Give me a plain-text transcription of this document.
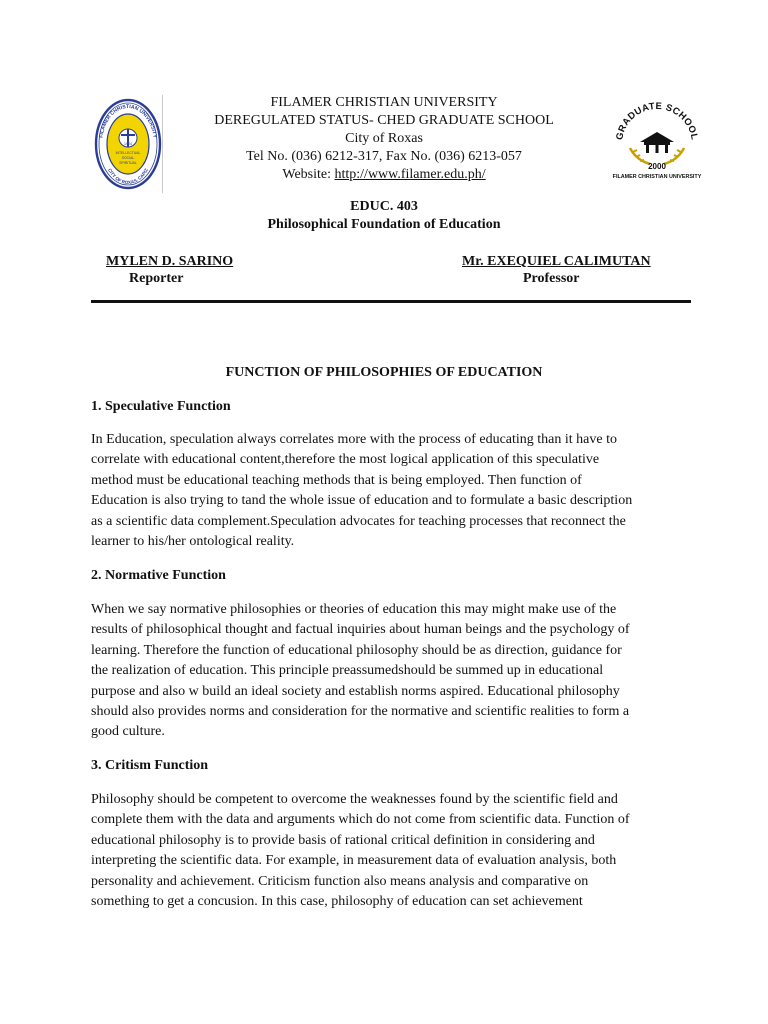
FILAMER CHRISTIAN UNIVERSITY
CITY OF ROXAS, CAPIZ
1904
INTELLECTUAL
SOCIAL
SPIRITUAL
FILAMER CHRISTIAN UNIVERSITY
DEREGULATED STATUS- CHED GRADUATE SCHOOL
City of Roxas
Tel No. (036) 6212-317, Fax No. (036) 6213-057
Website: http://www.filamer.edu.ph/
GRADUATE SCHOOL
2000
FILAMER CHRISTIAN UNIVERSITY
EDUC. 403
Philosophical Foundation of Education
MYLEN D. SARINO
Reporter
Mr. EXEQUIEL CALIMUTAN
Professor
FUNCTION OF PHILOSOPHIES OF EDUCATION
1. Speculative Function
In Education, speculation always correlates more with the process of educating than it have to
correlate with educational content,therefore the most logical application of this speculative
method must be educational teaching methods that is being employed. Then function of
Education is also trying to tand the whole issue of education and to formulate a basic description
as a scientific data complement.Speculation advocates for teaching processes that reconnect the
learner to his/her ontological reality.
2. Normative Function
When we say normative philosophies or theories of education this may might make use of the
results of philosophical thought and factual inquiries about human beings and the psychology of
learning. Therefore the function of educational philosophy should be as direction, guidance for
the realization of education. This principle preassumedshould be summed up in educational
purpose and also w build an ideal society and establish norms aspired. Educational philosophy
should also provides norms and consideration for the normative and scientific realities to form a
good culture.
3. Critism Function
Philosophy should be competent to overcome the weaknesses found by the scientific field and
complete them with the data and arguments which do not come from scientific data. Function of
educational philosophy is to provide basis of rational critical definition in considering and
interpreting the scientific data. For example, in measurement data of evaluation analysis, both
personality and achievement. Criticism function also means analysis and comparative on
something to get a concusion. In this case, philosophy of education can set achievement
